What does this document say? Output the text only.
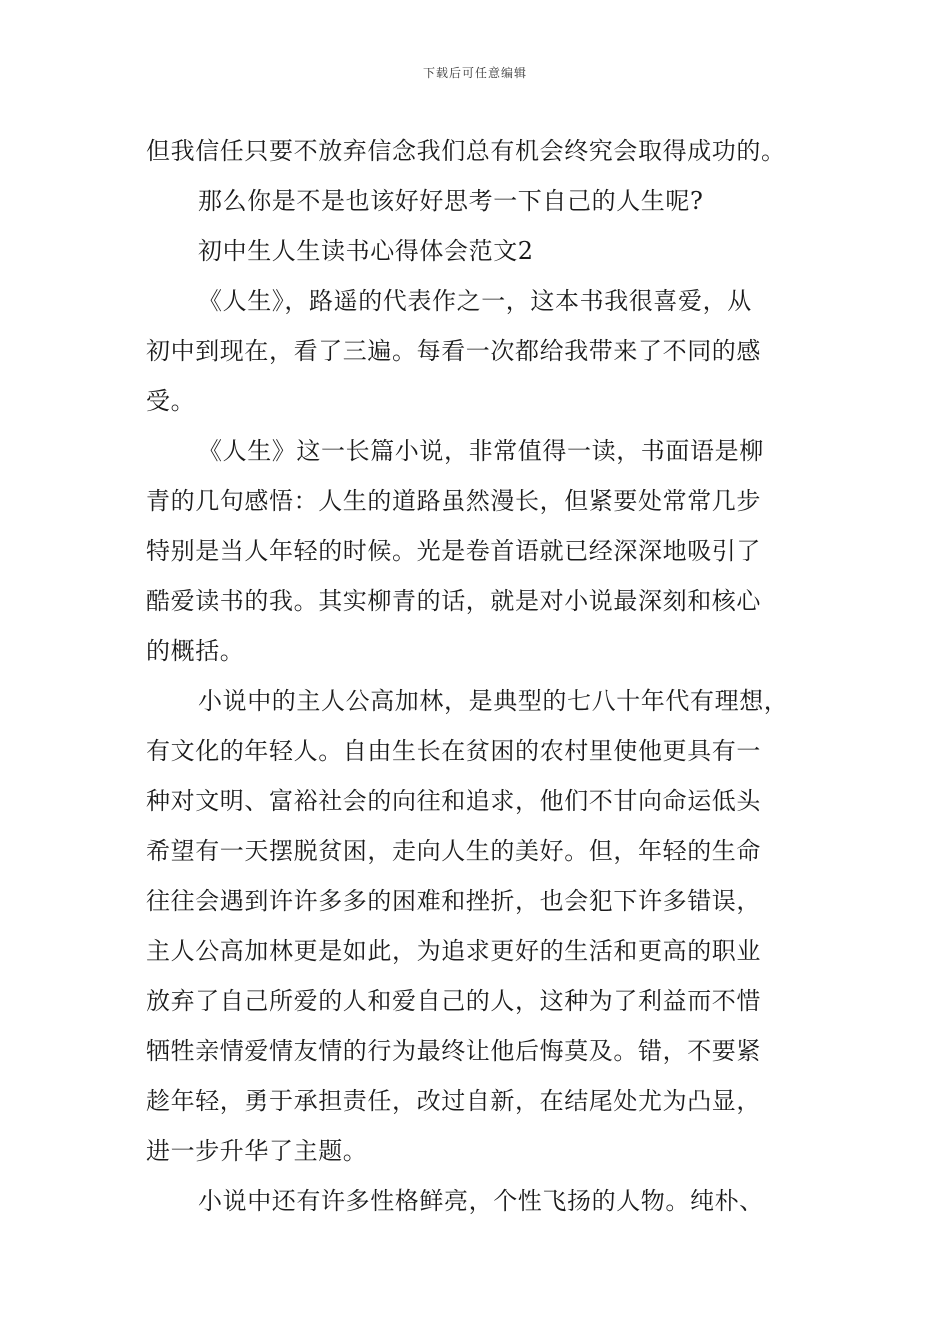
下载后可任意编辑
但我信任只要不放弃信念我们总有机会终究会取得成功的。
那么你是不是也该好好思考一下自己的人生呢?
初中生人生读书心得体会范文2
《人生》，路遥的代表作之一，这本书我很喜爱，从
初中到现在，看了三遍。每看一次都给我带来了不同的感
受。
《人生》这一长篇小说，非常值得一读，书面语是柳
青的几句感悟：人生的道路虽然漫长，但紧要处常常几步
特别是当人年轻的时候。光是卷首语就已经深深地吸引了
酷爱读书的我。其实柳青的话，就是对小说最深刻和核心
的概括。
小说中的主人公高加林，是典型的七八十年代有理想，
有文化的年轻人。自由生长在贫困的农村里使他更具有一
种对文明、富裕社会的向往和追求，他们不甘向命运低头
希望有一天摆脱贫困，走向人生的美好。但，年轻的生命
往往会遇到许许多多的困难和挫折，也会犯下许多错误，
主人公高加林更是如此，为追求更好的生活和更高的职业
放弃了自己所爱的人和爱自己的人，这种为了利益而不惜
牺牲亲情爱情友情的行为最终让他后悔莫及。错，不要紧
趁年轻，勇于承担责任，改过自新，在结尾处尤为凸显，
进一步升华了主题。
小说中还有许多性格鲜亮，个性飞扬的人物。纯朴、
